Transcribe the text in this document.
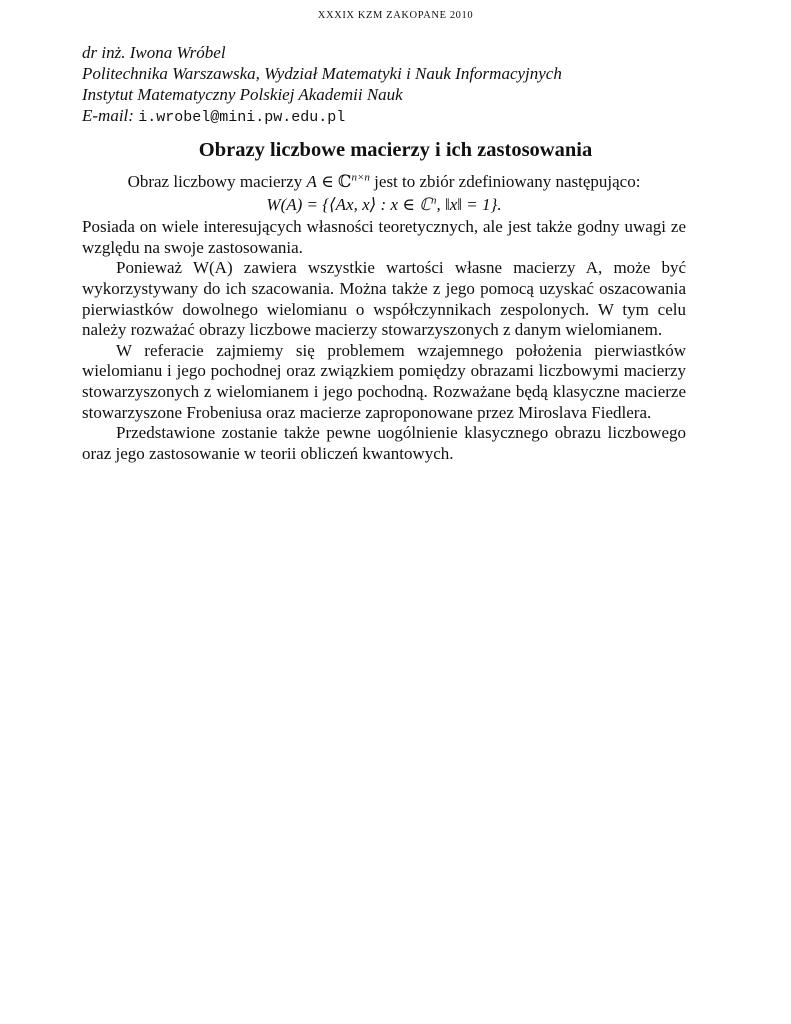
XXXIX KZM ZAKOPANE 2010
dr inż. Iwona Wróbel
Politechnika Warszawska, Wydział Matematyki i Nauk Informacyjnych
Instytut Matematyczny Polskiej Akademii Nauk
E-mail: i.wrobel@mini.pw.edu.pl
Obrazy liczbowe macierzy i ich zastosowania

Obraz liczbowy macierzy A ∈ ℂ$^{n\times n}$ jest to zbiór zdefiniowany następująco:

W(A) = {⟨Ax, x⟩ : x ∈ ℂ$^n$, ‖x‖ = 1}.

Posiada on wiele interesujących własności teoretycznych, ale jest także godny uwagi ze względu na swoje zastosowania.

Ponieważ W(A) zawiera wszystkie wartości własne macierzy A, może być wykorzystywany do ich szacowania. Można także z jego pomocą uzyskać oszacowania pierwiastków dowolnego wielomianu o współczynnikach zespolonych. W tym celu należy rozważać obrazy liczbowe macierzy stowarzyszonych z danym wielomianem.

W referacie zajmiemy się problemem wzajemnego położenia pierwiastków wielomianu i jego pochodnej oraz związkiem pomiędzy obrazami liczbowymi macierzy stowarzyszonych z wielomianem i jego pochodną. Rozważane będą klasyczne macierze stowarzyszone Frobeniusa oraz macierze zaproponowane przez Miroslava Fiedlera.

Przedstawione zostanie także pewne uogólnienie klasycznego obrazu liczbowego oraz jego zastosowanie w teorii obliczeń kwantowych.
